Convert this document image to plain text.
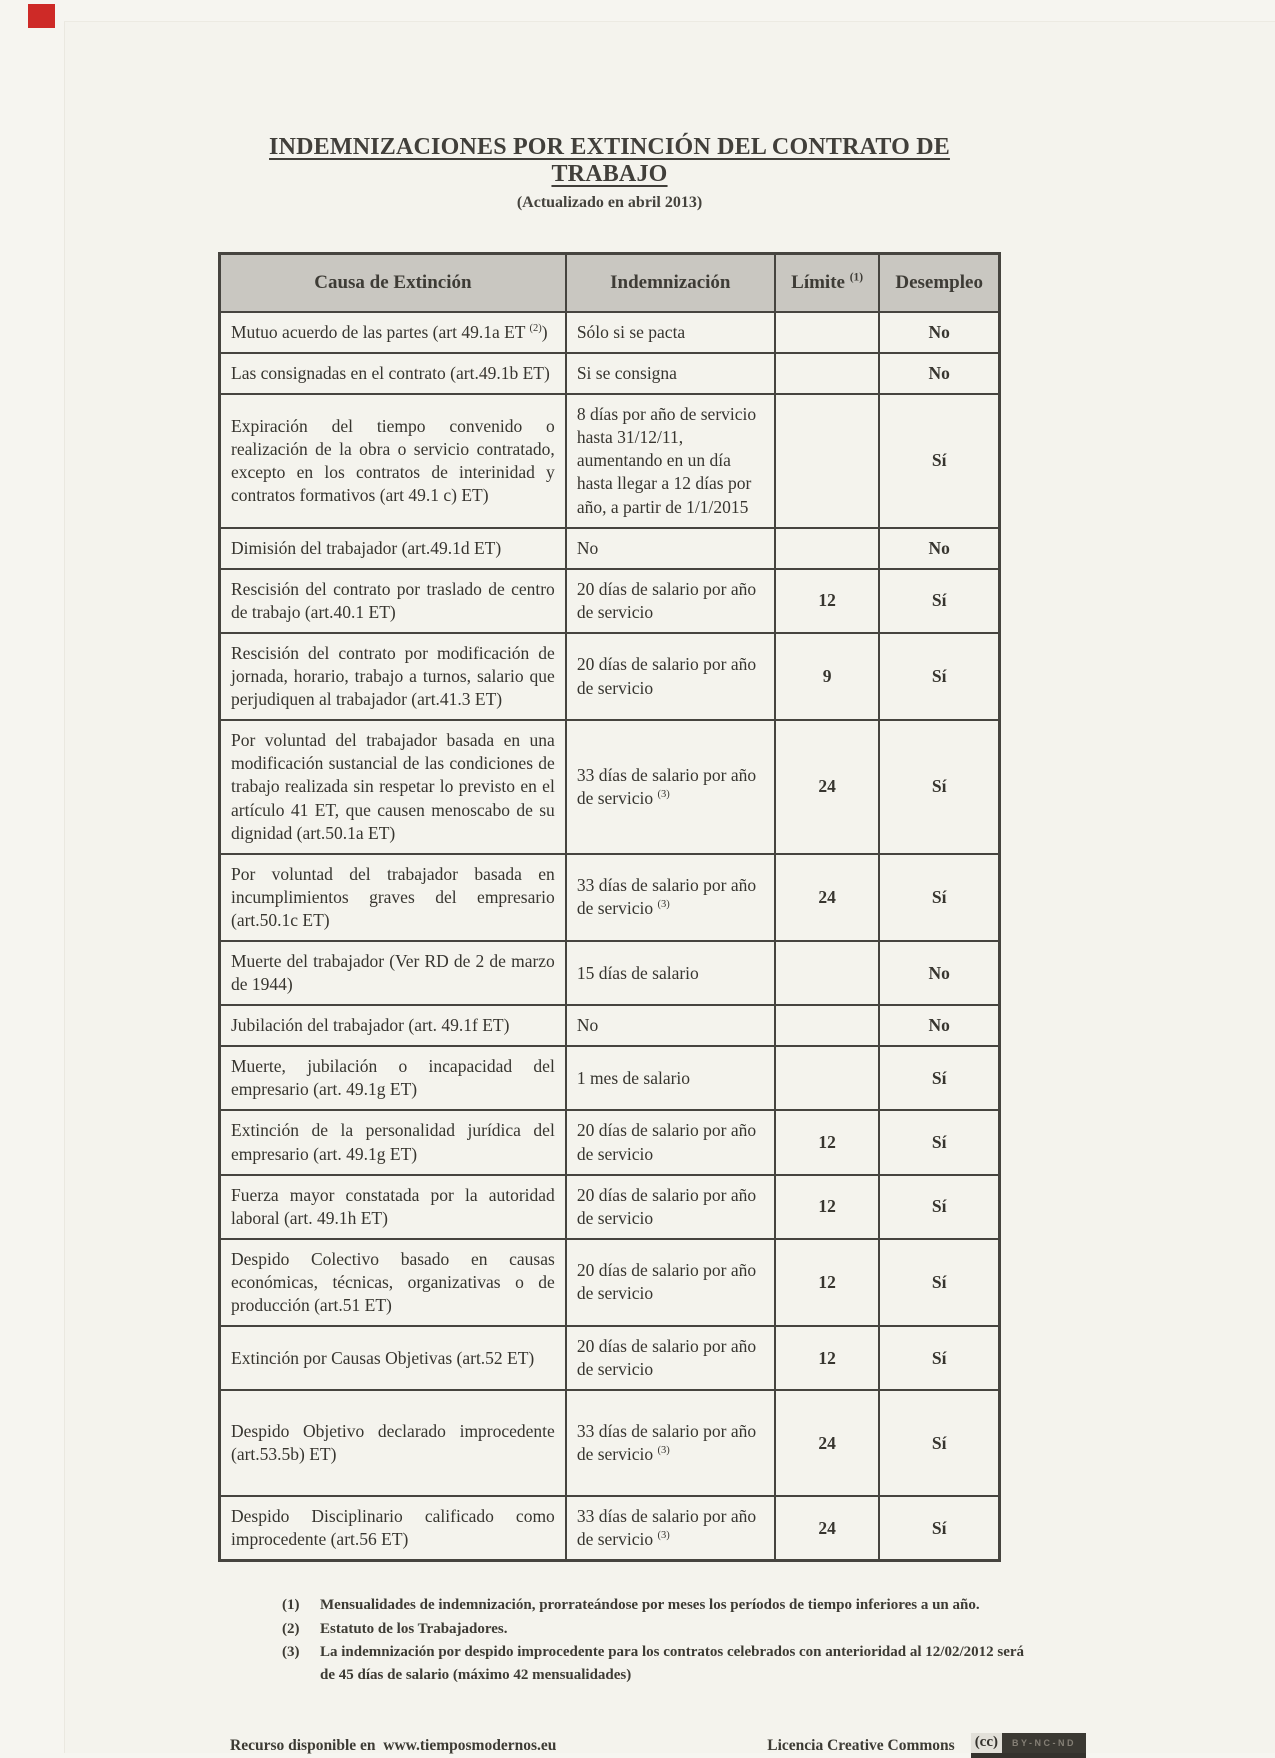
INDEMNIZACIONES POR EXTINCIÓN DEL CONTRATO DE TRABAJO
(Actualizado en abril 2013)
Causa de Extinción	Indemnización	Límite $^{(1)}$	Desempleo
Mutuo acuerdo de las partes (art 49.1a ET $^{(2)}$)	Sólo si se pacta		No
Las consignadas en el contrato (art.49.1b ET)	Si se consigna		No
Expiración del tiempo convenido o realización de la obra o servicio contratado, excepto en los contratos de interinidad y contratos formativos (art 49.1 c) ET)	8 días por año de servicio
hasta 31/12/11,
aumentando en un día
hasta llegar a 12 días por
año, a partir de 1/1/2015		Sí
Dimisión del trabajador (art.49.1d ET)	No		No
Rescisión del contrato por traslado de centro de trabajo (art.40.1 ET)	20 días de salario por año
de servicio	12	Sí
Rescisión del contrato por modificación de jornada, horario, trabajo a turnos, salario que perjudiquen al trabajador (art.41.3 ET)	20 días de salario por año
de servicio	9	Sí
Por voluntad del trabajador basada en una modificación sustancial de las condiciones de trabajo realizada sin respetar lo previsto en el artículo 41 ET, que causen menoscabo de su dignidad (art.50.1a ET)	33 días de salario por año
de servicio $^{(3)}$	24	Sí
Por voluntad del trabajador basada en incumplimientos graves del empresario (art.50.1c ET)	33 días de salario por año
de servicio $^{(3)}$	24	Sí
Muerte del trabajador (Ver RD de 2 de marzo de 1944)	15 días de salario		No
Jubilación del trabajador (art. 49.1f ET)	No		No
Muerte, jubilación o incapacidad del empresario (art. 49.1g ET)	1 mes de salario		Sí
Extinción de la personalidad jurídica del empresario (art. 49.1g ET)	20 días de salario por año
de servicio	12	Sí
Fuerza mayor constatada por la autoridad laboral (art. 49.1h ET)	20 días de salario por año
de servicio	12	Sí
Despido Colectivo basado en causas económicas, técnicas, organizativas o de producción (art.51 ET)	20 días de salario por año
de servicio	12	Sí
Extinción por Causas Objetivas (art.52 ET)	20 días de salario por año
de servicio	12	Sí
Despido Objetivo declarado improcedente (art.53.5b) ET)	33 días de salario por año
de servicio $^{(3)}$	24	Sí
Despido Disciplinario calificado como improcedente (art.56 ET)	33 días de salario por año
de servicio $^{(3)}$	24	Sí
(1)	Mensualidades de indemnización, prorrateándose por meses los períodos de tiempo inferiores a un año.
(2)	Estatuto de los Trabajadores.
(3)	La indemnización por despido improcedente para los contratos celebrados con anterioridad al 12/02/2012 será de 45 días de salario (máximo 42 mensualidades)
Recurso disponible en  www.tiemposmodernos.eu	Licencia Creative Commons (cc)	BY-NC-ND
